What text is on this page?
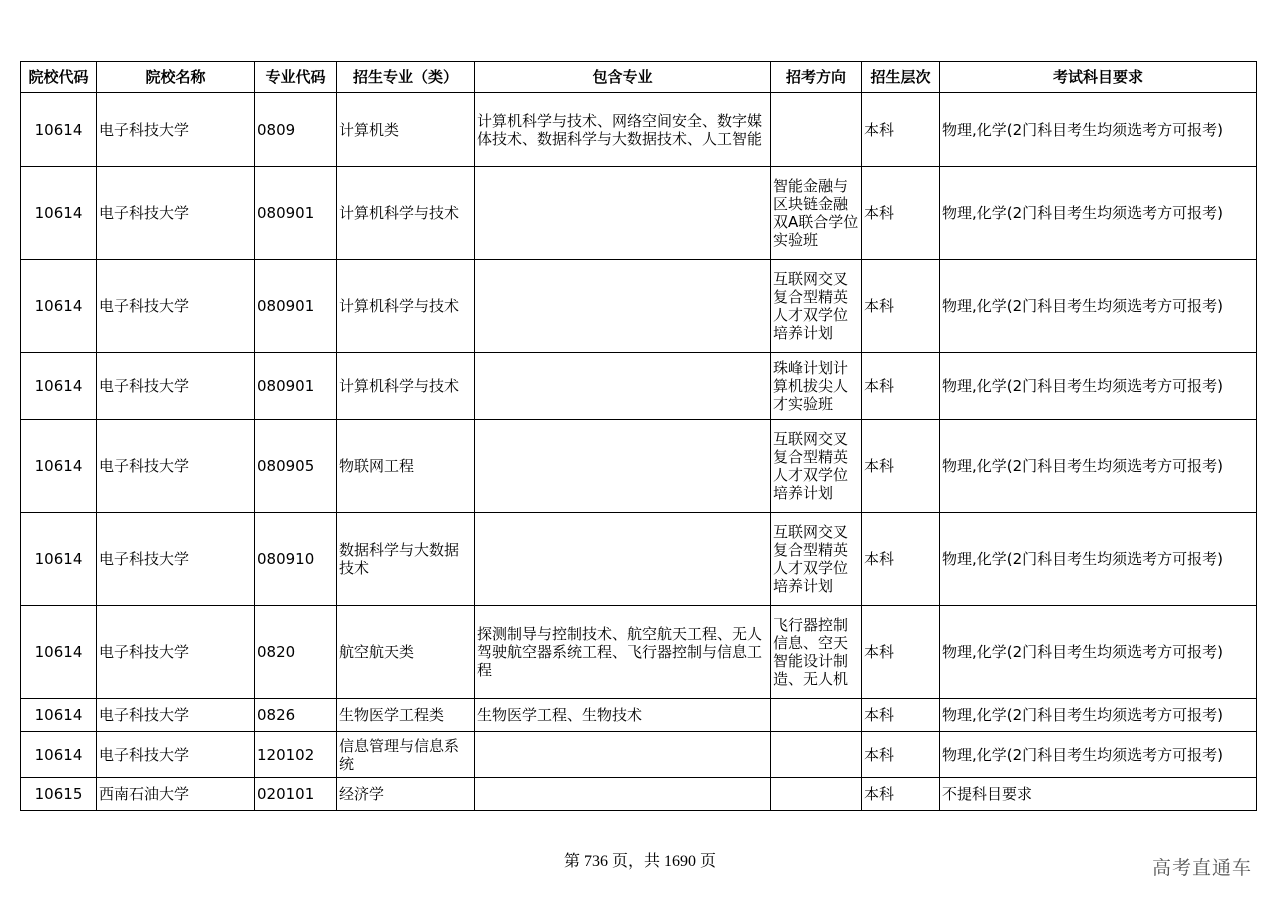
院校代码	院校名称	专业代码	招生专业（类）	包含专业	招考方向	招生层次	考试科目要求
10614	电子科技大学	0809	计算机类	计算机科学与技术、网络空间安全、数字媒体技术、数据科学与大数据技术、人工智能		本科	物理,化学(2门科目考生均须选考方可报考)
10614	电子科技大学	080901	计算机科学与技术		智能金融与区块链金融双A联合学位实验班	本科	物理,化学(2门科目考生均须选考方可报考)
10614	电子科技大学	080901	计算机科学与技术		互联网交叉复合型精英人才双学位培养计划	本科	物理,化学(2门科目考生均须选考方可报考)
10614	电子科技大学	080901	计算机科学与技术		珠峰计划计算机拔尖人才实验班	本科	物理,化学(2门科目考生均须选考方可报考)
10614	电子科技大学	080905	物联网工程		互联网交叉复合型精英人才双学位培养计划	本科	物理,化学(2门科目考生均须选考方可报考)
10614	电子科技大学	080910	数据科学与大数据技术		互联网交叉复合型精英人才双学位培养计划	本科	物理,化学(2门科目考生均须选考方可报考)
10614	电子科技大学	0820	航空航天类	探测制导与控制技术、航空航天工程、无人驾驶航空器系统工程、飞行器控制与信息工程	飞行器控制信息、空天智能设计制造、无人机	本科	物理,化学(2门科目考生均须选考方可报考)
10614	电子科技大学	0826	生物医学工程类	生物医学工程、生物技术		本科	物理,化学(2门科目考生均须选考方可报考)
10614	电子科技大学	120102	信息管理与信息系统			本科	物理,化学(2门科目考生均须选考方可报考)
10615	西南石油大学	020101	经济学			本科	不提科目要求
第 736 页，共 1690 页	高考直通车
